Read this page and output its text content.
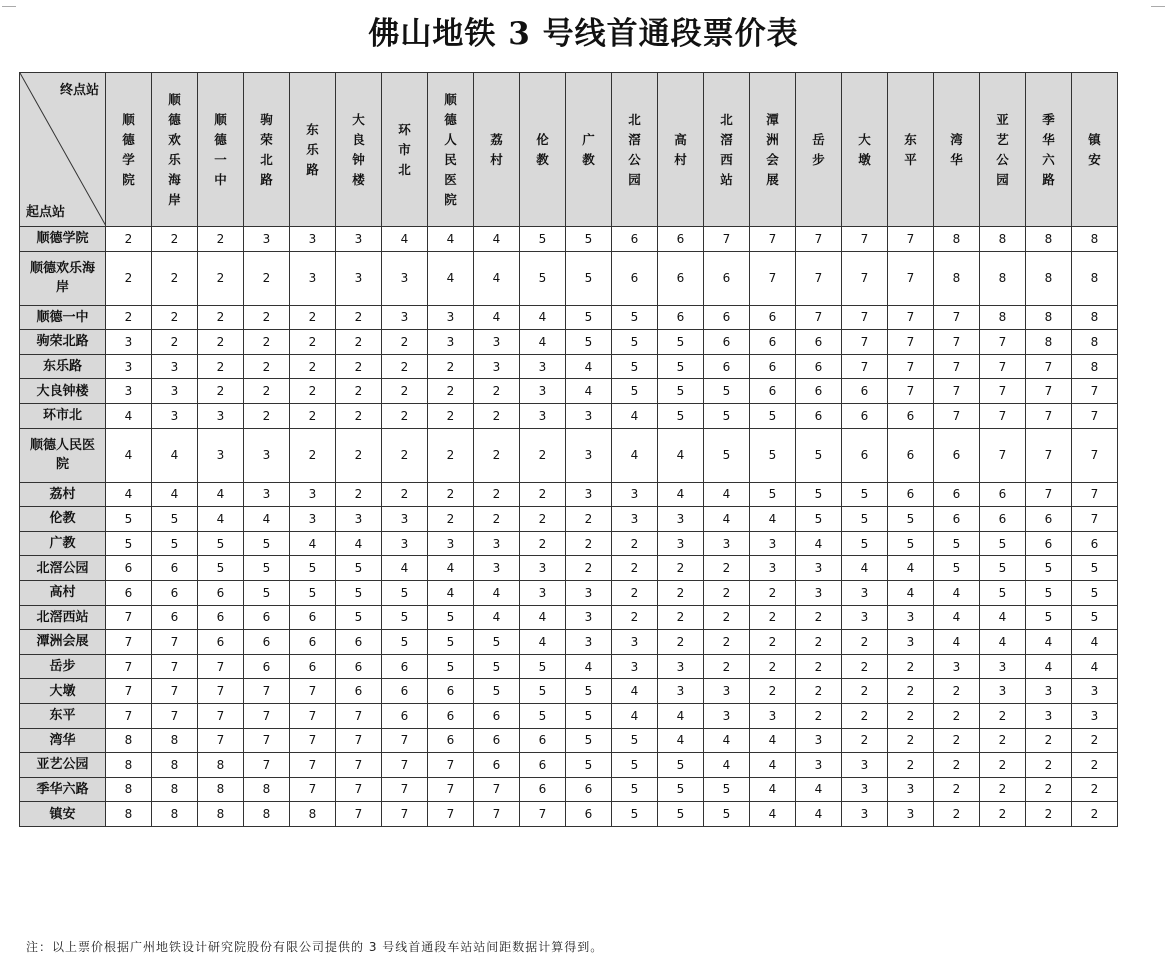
佛山地铁 3 号线首通段票价表
终点站
起点站	顺德学院	顺德欢乐海岸	顺德一中	驹荣北路	东乐路	大良钟楼	环市北	顺德人民医院	荔村	伦教	广教	北滘公园	高村	北滘西站	潭洲会展	岳步	大墩	东平	湾华	亚艺公园	季华六路	镇安
顺德学院	2	2	2	3	3	3	4	4	4	5	5	6	6	7	7	7	7	7	8	8	8	8
顺德欢乐海岸	2	2	2	2	3	3	3	4	4	5	5	6	6	6	7	7	7	7	8	8	8	8
顺德一中	2	2	2	2	2	2	3	3	4	4	5	5	6	6	6	7	7	7	7	8	8	8
驹荣北路	3	2	2	2	2	2	2	3	3	4	5	5	5	6	6	6	7	7	7	7	8	8
东乐路	3	3	2	2	2	2	2	2	3	3	4	5	5	6	6	6	7	7	7	7	7	8
大良钟楼	3	3	2	2	2	2	2	2	2	3	4	5	5	5	6	6	6	7	7	7	7	7
环市北	4	3	3	2	2	2	2	2	2	3	3	4	5	5	5	6	6	6	7	7	7	7
顺德人民医院	4	4	3	3	2	2	2	2	2	2	3	4	4	5	5	5	6	6	6	7	7	7
荔村	4	4	4	3	3	2	2	2	2	2	3	3	4	4	5	5	5	6	6	6	7	7
伦教	5	5	4	4	3	3	3	2	2	2	2	3	3	4	4	5	5	5	6	6	6	7
广教	5	5	5	5	4	4	3	3	3	2	2	2	3	3	3	4	5	5	5	5	6	6
北滘公园	6	6	5	5	5	5	4	4	3	3	2	2	2	2	3	3	4	4	5	5	5	5
高村	6	6	6	5	5	5	5	4	4	3	3	2	2	2	2	3	3	4	4	5	5	5
北滘西站	7	6	6	6	6	5	5	5	4	4	3	2	2	2	2	2	3	3	4	4	5	5
潭洲会展	7	7	6	6	6	6	5	5	5	4	3	3	2	2	2	2	2	3	4	4	4	4
岳步	7	7	7	6	6	6	6	5	5	5	4	3	3	2	2	2	2	2	3	3	4	4
大墩	7	7	7	7	7	6	6	6	5	5	5	4	3	3	2	2	2	2	2	3	3	3
东平	7	7	7	7	7	7	6	6	6	5	5	4	4	3	3	2	2	2	2	2	3	3
湾华	8	8	7	7	7	7	7	6	6	6	5	5	4	4	4	3	2	2	2	2	2	2
亚艺公园	8	8	8	7	7	7	7	7	6	6	5	5	5	4	4	3	3	2	2	2	2	2
季华六路	8	8	8	8	7	7	7	7	7	6	6	5	5	5	4	4	3	3	2	2	2	2
镇安	8	8	8	8	8	7	7	7	7	7	6	5	5	5	4	4	3	3	2	2	2	2
注：以上票价根据广州地铁设计研究院股份有限公司提供的 3 号线首通段车站站间距数据计算得到。
